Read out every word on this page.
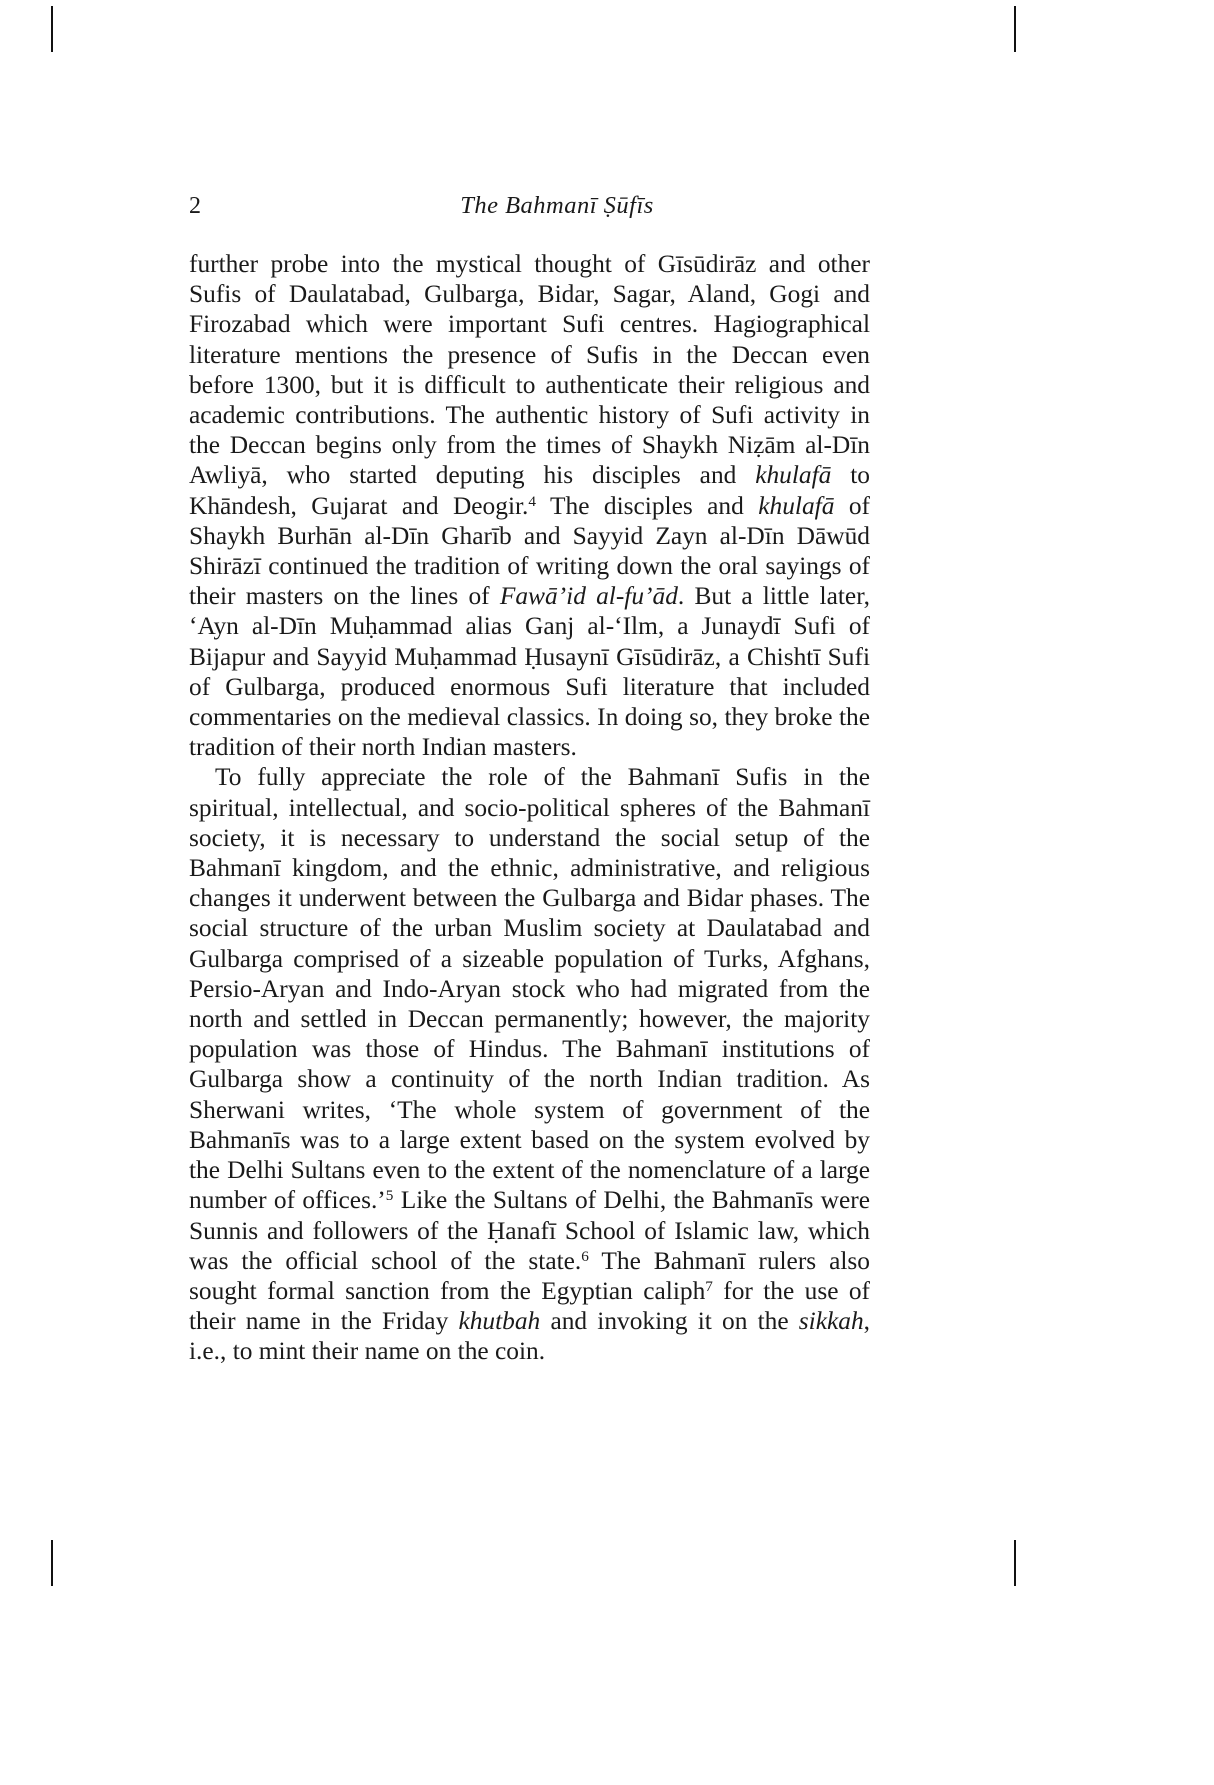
2	The Bahmanī Ṣūfīs

further probe into the mystical thought of Gīsūdirāz and other Sufis of Daulatabad, Gulbarga, Bidar, Sagar, Aland, Gogi and Firozabad which were important Sufi centres. Hagiographical literature mentions the presence of Sufis in the Deccan even before 1300, but it is difficult to authenticate their religious and academic contributions. The authentic history of Sufi activity in the Deccan begins only from the times of Shaykh Niẓām al-Dīn Awliyā, who started deputing his disciples and khulafā to Khāndesh, Gujarat and Deogir.$^4$ The disciples and khulafā of Shaykh Burhān al-Dīn Gharīb and Sayyid Zayn al-Dīn Dāwūd Shirāzī continued the tradition of writing down the oral sayings of their masters on the lines of Fawā’id al-fu’ād. But a little later, ‘Ayn al-Dīn Muḥammad alias Ganj al-‘Ilm, a Junaydī Sufi of Bijapur and Sayyid Muḥammad Ḥusaynī Gīsūdirāz, a Chishtī Sufi of Gulbarga, produced enormous Sufi literature that included commentaries on the medieval classics. In doing so, they broke the tradition of their north Indian masters.

To fully appreciate the role of the Bahmanī Sufis in the spiritual, intellectual, and socio-political spheres of the Bahmanī society, it is necessary to understand the social setup of the Bahmanī kingdom, and the ethnic, administrative, and religious changes it underwent between the Gulbarga and Bidar phases. The social structure of the urban Muslim society at Daulatabad and Gulbarga comprised of a sizeable population of Turks, Afghans, Persio-Aryan and Indo-Aryan stock who had migrated from the north and settled in Deccan permanently; however, the majority population was those of Hindus. The Bahmanī institutions of Gulbarga show a continuity of the north Indian tradition. As Sherwani writes, ‘The whole system of government of the Bahmanīs was to a large extent based on the system evolved by the Delhi Sultans even to the extent of the nomenclature of a large number of offices.’$^5$ Like the Sultans of Delhi, the Bahmanīs were Sunnis and followers of the Ḥanafī School of Islamic law, which was the official school of the state.$^6$ The Bahmanī rulers also sought formal sanction from the Egyptian caliph$^7$ for the use of their name in the Friday khutbah and invoking it on the sikkah, i.e., to mint their name on the coin.
